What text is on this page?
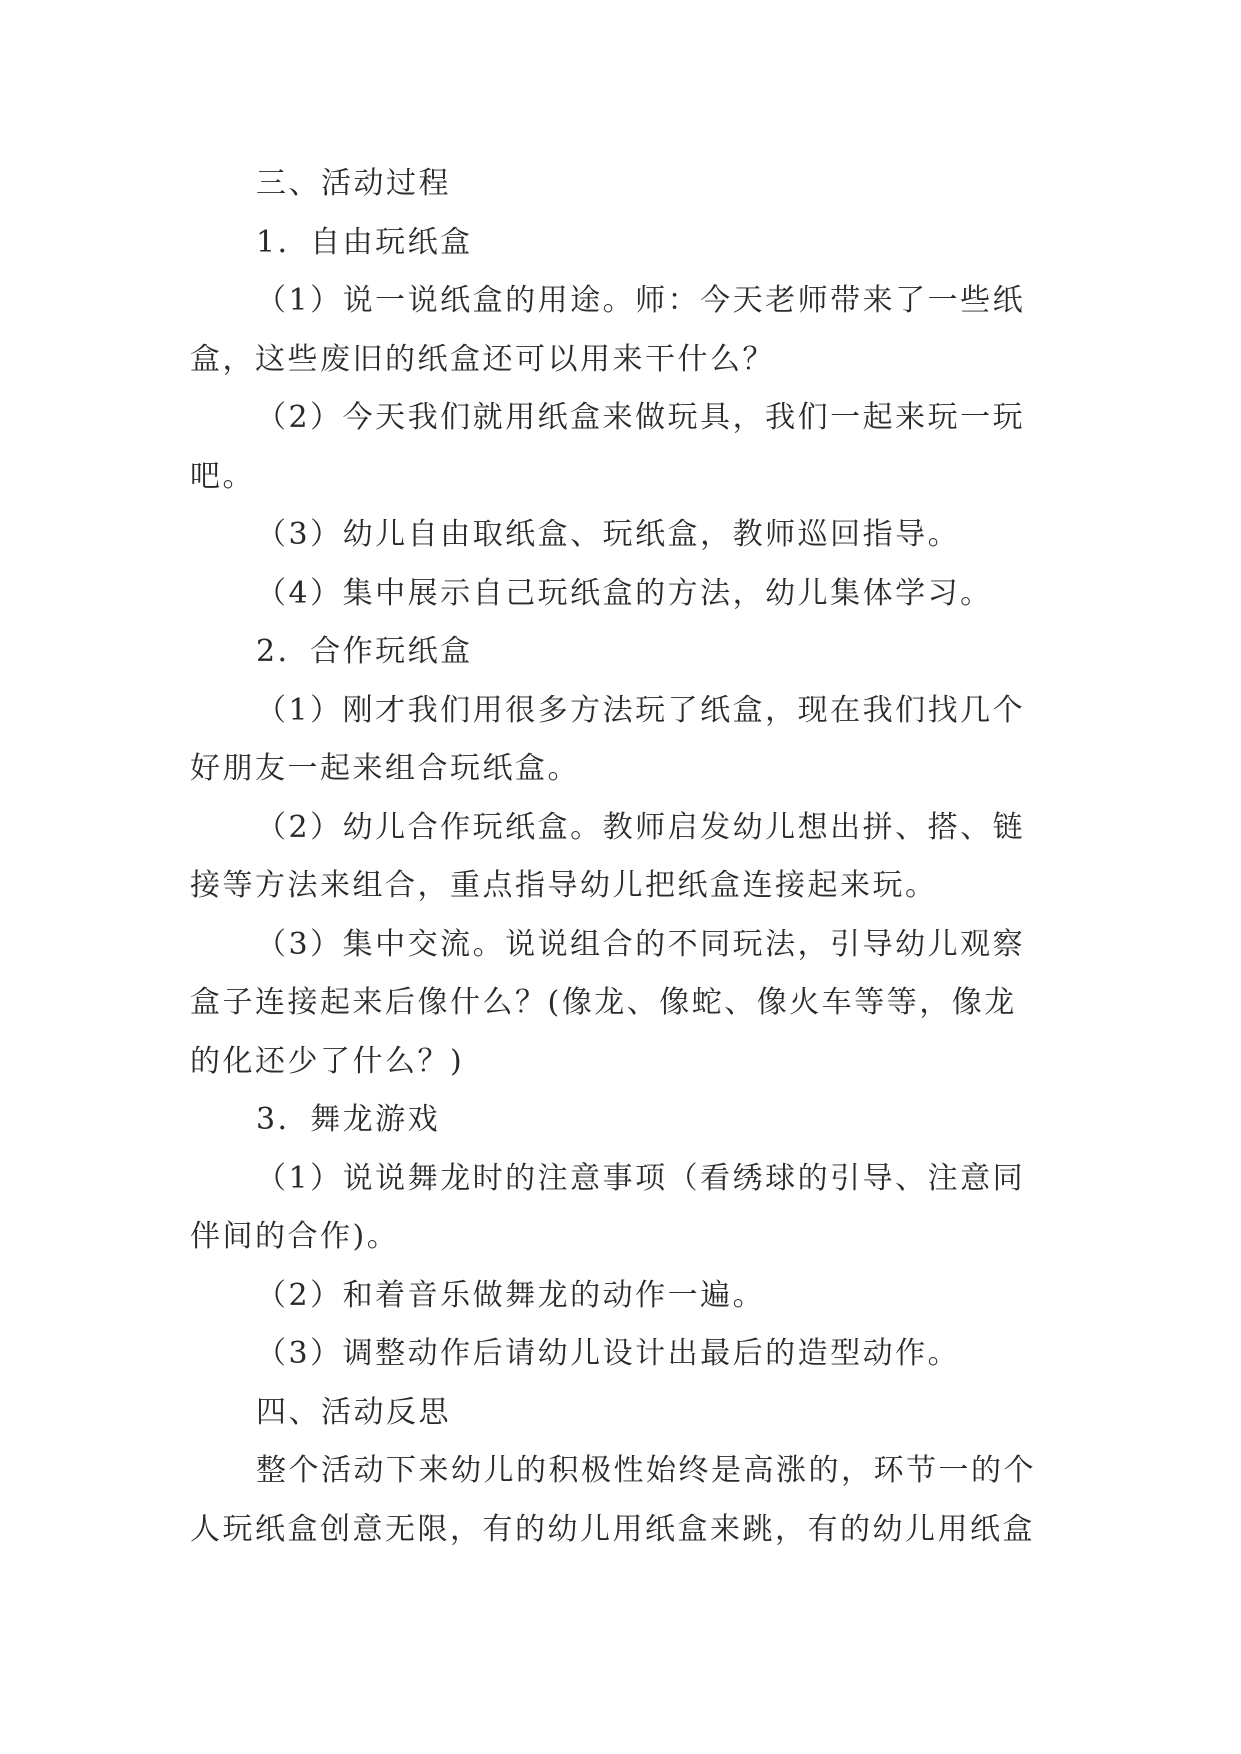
三、活动过程
1．自由玩纸盒
（1）说一说纸盒的用途。师：今天老师带来了一些纸
盒，这些废旧的纸盒还可以用来干什么？
（2）今天我们就用纸盒来做玩具，我们一起来玩一玩
吧。
（3）幼儿自由取纸盒、玩纸盒，教师巡回指导。
（4）集中展示自己玩纸盒的方法，幼儿集体学习。
2．合作玩纸盒
（1）刚才我们用很多方法玩了纸盒，现在我们找几个
好朋友一起来组合玩纸盒。
（2）幼儿合作玩纸盒。教师启发幼儿想出拼、搭、链
接等方法来组合，重点指导幼儿把纸盒连接起来玩。
（3）集中交流。说说组合的不同玩法，引导幼儿观察
盒子连接起来后像什么？(像龙、像蛇、像火车等等，像龙
的化还少了什么？)
3．舞龙游戏
（1）说说舞龙时的注意事项（看绣球的引导、注意同
伴间的合作)。
（2）和着音乐做舞龙的动作一遍。
（3）调整动作后请幼儿设计出最后的造型动作。
四、活动反思
整个活动下来幼儿的积极性始终是高涨的，环节一的个
人玩纸盒创意无限，有的幼儿用纸盒来跳，有的幼儿用纸盒
